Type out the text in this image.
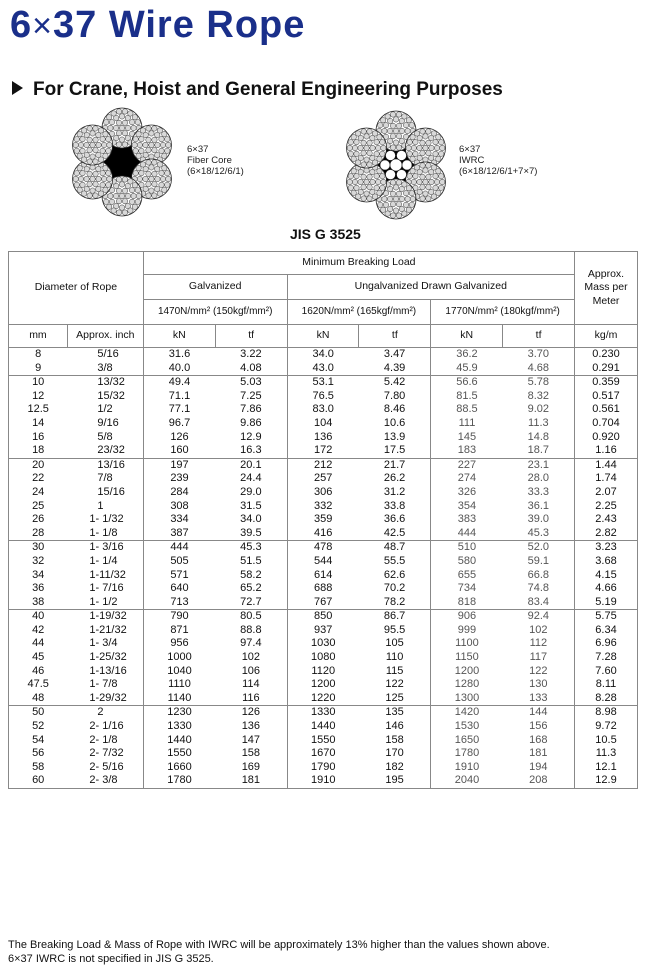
6×37 Wire Rope
For Crane, Hoist and General Engineering Purposes
6×37
Fiber Core
(6×18/12/6/1)
6×37
IWRC
(6×18/12/6/1+7×7)
JIS G 3525
Diameter of Rope		Minimum Breaking Load						Approx. Mass per Meter
		Galvanized		Ungalvanized Drawn Galvanized				
		1470N/mm² (150kgf/mm²)		1620N/mm² (165kgf/mm²)		1770N/mm² (180kgf/mm²)		
mm	Approx. inch	kN	tf	kN	tf	kN	tf	kg/m
8	5/16	31.6	3.22	34.0	3.47	36.2	3.70	0.230
9	3/8	40.0	4.08	43.0	4.39	45.9	4.68	0.291
10	13/32	49.4	5.03	53.1	5.42	56.6	5.78	0.359
12	15/32	71.1	7.25	76.5	7.80	81.5	8.32	0.517
12.5	1/2	77.1	7.86	83.0	8.46	88.5	9.02	0.561
14	9/16	96.7	9.86	104	10.6	111	11.3	0.704
16	5/8	126	12.9	136	13.9	145	14.8	0.920
18	23/32	160	16.3	172	17.5	183	18.7	1.16
20	13/16	197	20.1	212	21.7	227	23.1	1.44
22	7/8	239	24.4	257	26.2	274	28.0	1.74
24	15/16	284	29.0	306	31.2	326	33.3	2.07
25	1	308	31.5	332	33.8	354	36.1	2.25
26	1- 1/32	334	34.0	359	36.6	383	39.0	2.43
28	1- 1/8	387	39.5	416	42.5	444	45.3	2.82
30	1- 3/16	444	45.3	478	48.7	510	52.0	3.23
32	1- 1/4	505	51.5	544	55.5	580	59.1	3.68
34	1-11/32	571	58.2	614	62.6	655	66.8	4.15
36	1- 7/16	640	65.2	688	70.2	734	74.8	4.66
38	1- 1/2	713	72.7	767	78.2	818	83.4	5.19
40	1-19/32	790	80.5	850	86.7	906	92.4	5.75
42	1-21/32	871	88.8	937	95.5	999	102	6.34
44	1- 3/4	956	97.4	1030	105	1100	112	6.96
45	1-25/32	1000	102	1080	110	1150	117	7.28
46	1-13/16	1040	106	1120	115	1200	122	7.60
47.5	1- 7/8	1110	114	1200	122	1280	130	8.11
48	1-29/32	1140	116	1220	125	1300	133	8.28
50	2	1230	126	1330	135	1420	144	8.98
52	2- 1/16	1330	136	1440	146	1530	156	9.72
54	2- 1/8	1440	147	1550	158	1650	168	10.5
56	2- 7/32	1550	158	1670	170	1780	181	11.3
58	2- 5/16	1660	169	1790	182	1910	194	12.1
60	2- 3/8	1780	181	1910	195	2040	208	12.9
The Breaking Load & Mass of Rope with IWRC will be approximately 13% higher than the values shown above.
6×37 IWRC is not specified in JIS G 3525.
